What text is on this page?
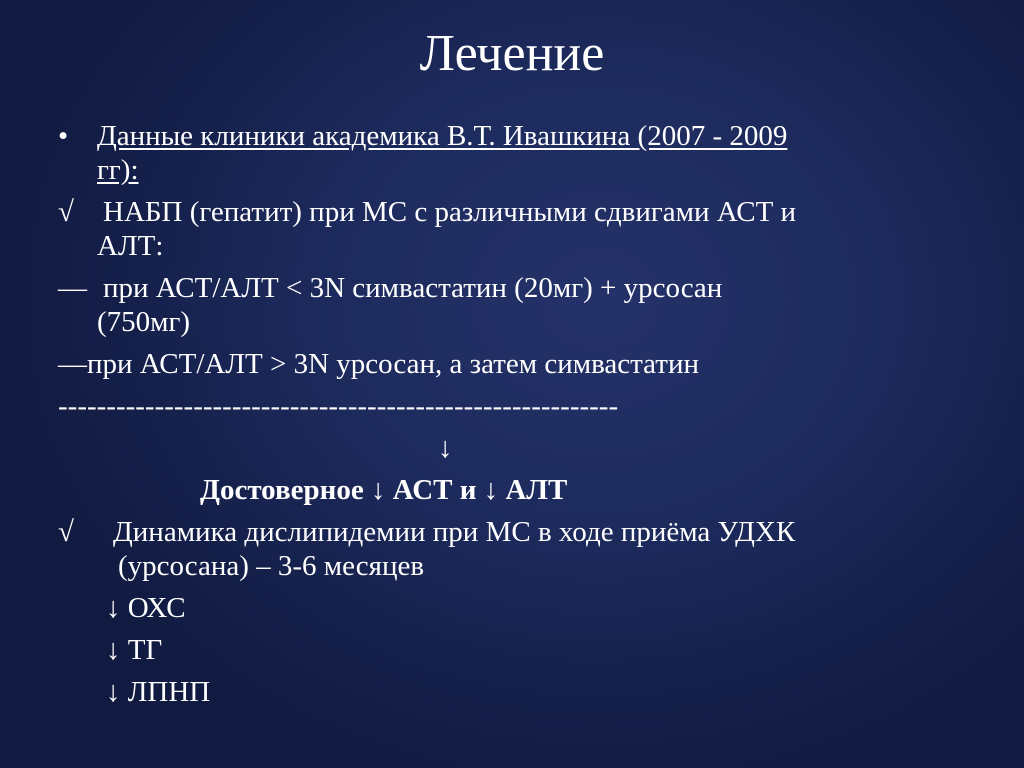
Лечение
• Данные клиники академика В.Т. Ивашкина (2007 - 2009
гг):
√ НАБП (гепатит) при МС с различными сдвигами АСТ и
АЛТ:
— при АСТ/АЛТ < 3N симвастатин (20мг) + урсосан
(750мг)
—при АСТ/АЛТ > 3N урсосан, а затем симвастатин
----------------------------------------------------------
↓
Достоверное ↓ АСТ и ↓ АЛТ
√ Динамика дислипидемии при МС в ходе приёма УДХК
(урсосана) – 3-6 месяцев
↓ ОХС
↓ ТГ
↓ ЛПНП
